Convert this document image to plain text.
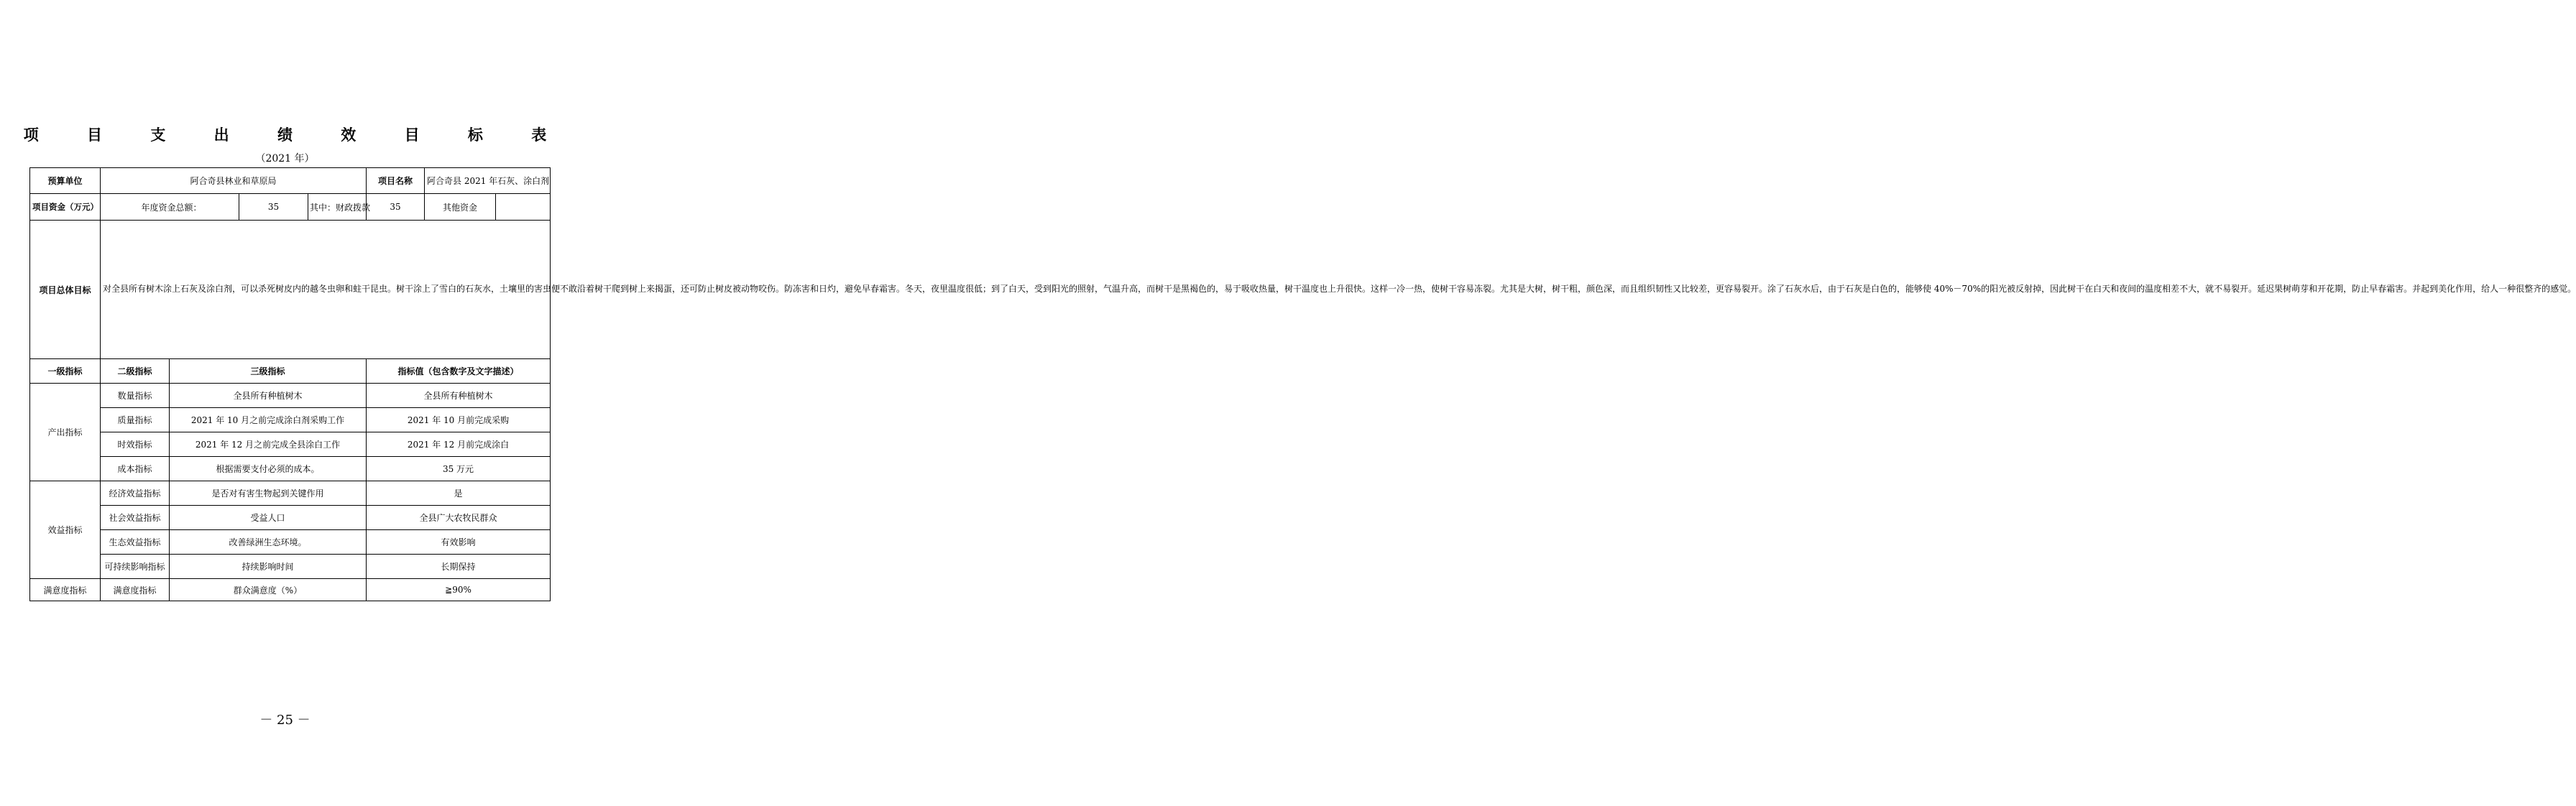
项 目 支 出 绩 效 目 标 表
（2021 年）
预算单位	阿合奇县林业和草原局	项目名称	阿合奇县 2021 年石灰、涂白剂
项目资金（万元）	年度资金总额：	35	其中：财政拨款	35		其他资金	

项目总体目标	对全县所有树木涂上石灰及涂白剂，可以杀死树皮内的越冬虫卵和蛀干昆虫。树干涂上了雪白的石灰水，土壤里的害虫便不敢沿着树干爬到树上来揭蛋，还可防止树皮被动物咬伤。防冻害和日灼，避免早春霜害。冬天，夜里温度很低；到了白天，受到阳光的照射，气温升高，而树干是黑褐色的，易于吸收热量，树干温度也上升很快。这样一冷一热，使树干容易冻裂。尤其是大树，树干粗，颜色深，而且组织韧性又比较差，更容易裂开。涂了石灰水后，由于石灰是白色的，能够使 40%－70%的阳光被反射掉，因此树干在白天和夜间的温度相差不大，就不易裂开。延迟果树萌芽和开花期，防止早春霜害。并起到美化作用，给人一种很整齐的感觉。
一级指标	二级指标	三级指标	指标值（包含数字及文字描述）
产出指标	数量指标	全县所有种植树木	全县所有种植树木
质量指标	2021 年 10 月之前完成涂白剂采购工作	2021 年 10 月前完成采购
时效指标	2021 年 12 月之前完成全县涂白工作	2021 年 12 月前完成涂白
成本指标	根据需要支付必须的成本。	35 万元
效益指标	经济效益指标	是否对有害生物起到关键作用	是
社会效益指标	受益人口	全县广大农牧民群众
生态效益指标	改善绿洲生态环境。	有效影响
可持续影响指标	持续影响时间	长期保持
满意度指标	满意度指标	群众满意度（%）	≧90%
－ 25 －
